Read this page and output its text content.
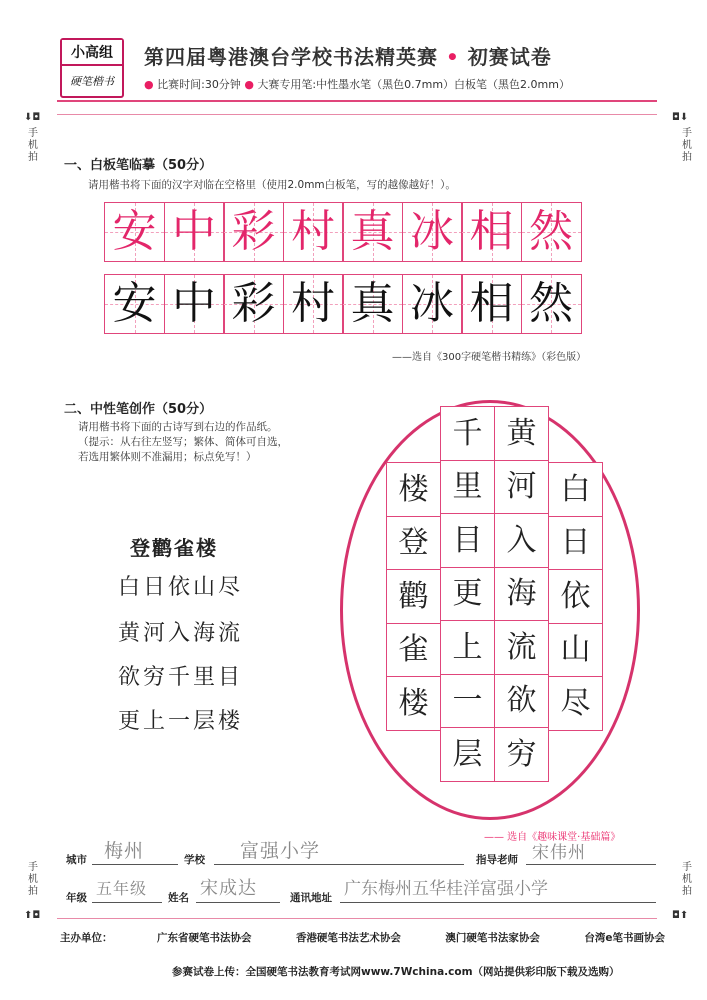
小高组
硬笔楷书
第四届粤港澳台学校书法精英赛 • 初赛试卷
● 比赛时间:30分钟 ● 大赛专用笔:中性墨水笔（黑色0.7mm）白板笔（黑色2.0mm）
⬇◘
手机拍
◘⬇
手机拍
手机拍
⬆◘
手机拍
◘⬆
一、白板笔临摹（50分）
请用楷书将下面的汉字对临在空格里（使用2.0mm白板笔，写的越像越好！）。
安 中 彩 村 真 冰 相 然
安 中 彩 村 真 冰 相 然
——选自《300字硬笔楷书精练》（彩色版）
二、中性笔创作（50分）
请用楷书将下面的古诗写到右边的作品纸。
（提示：从右往左竖写；繁体、简体可自选，
若选用繁体则不准漏用；标点免写！）
登鹳雀楼
白日依山尽
黄河入海流
欲穷千里目
更上一层楼
白
日
依
山
尽
黄
河
入
海
流
欲
穷
千
里
目
更
上
一
层
楼
登
鹳
雀
楼
—— 选自《趣味课堂·基础篇》
城市 梅州	学校 富强小学	指导老师 宋伟州
年级 五年级 姓名 宋成达	通讯地址 广东梅州五华桂洋富强小学
主办单位：	广东省硬笔书法协会	香港硬笔书法艺术协会	澳门硬笔书法家协会	台湾e笔书画协会
参赛试卷上传：全国硬笔书法教育考试网www.7Wchina.com（网站提供彩印版下载及选购）
